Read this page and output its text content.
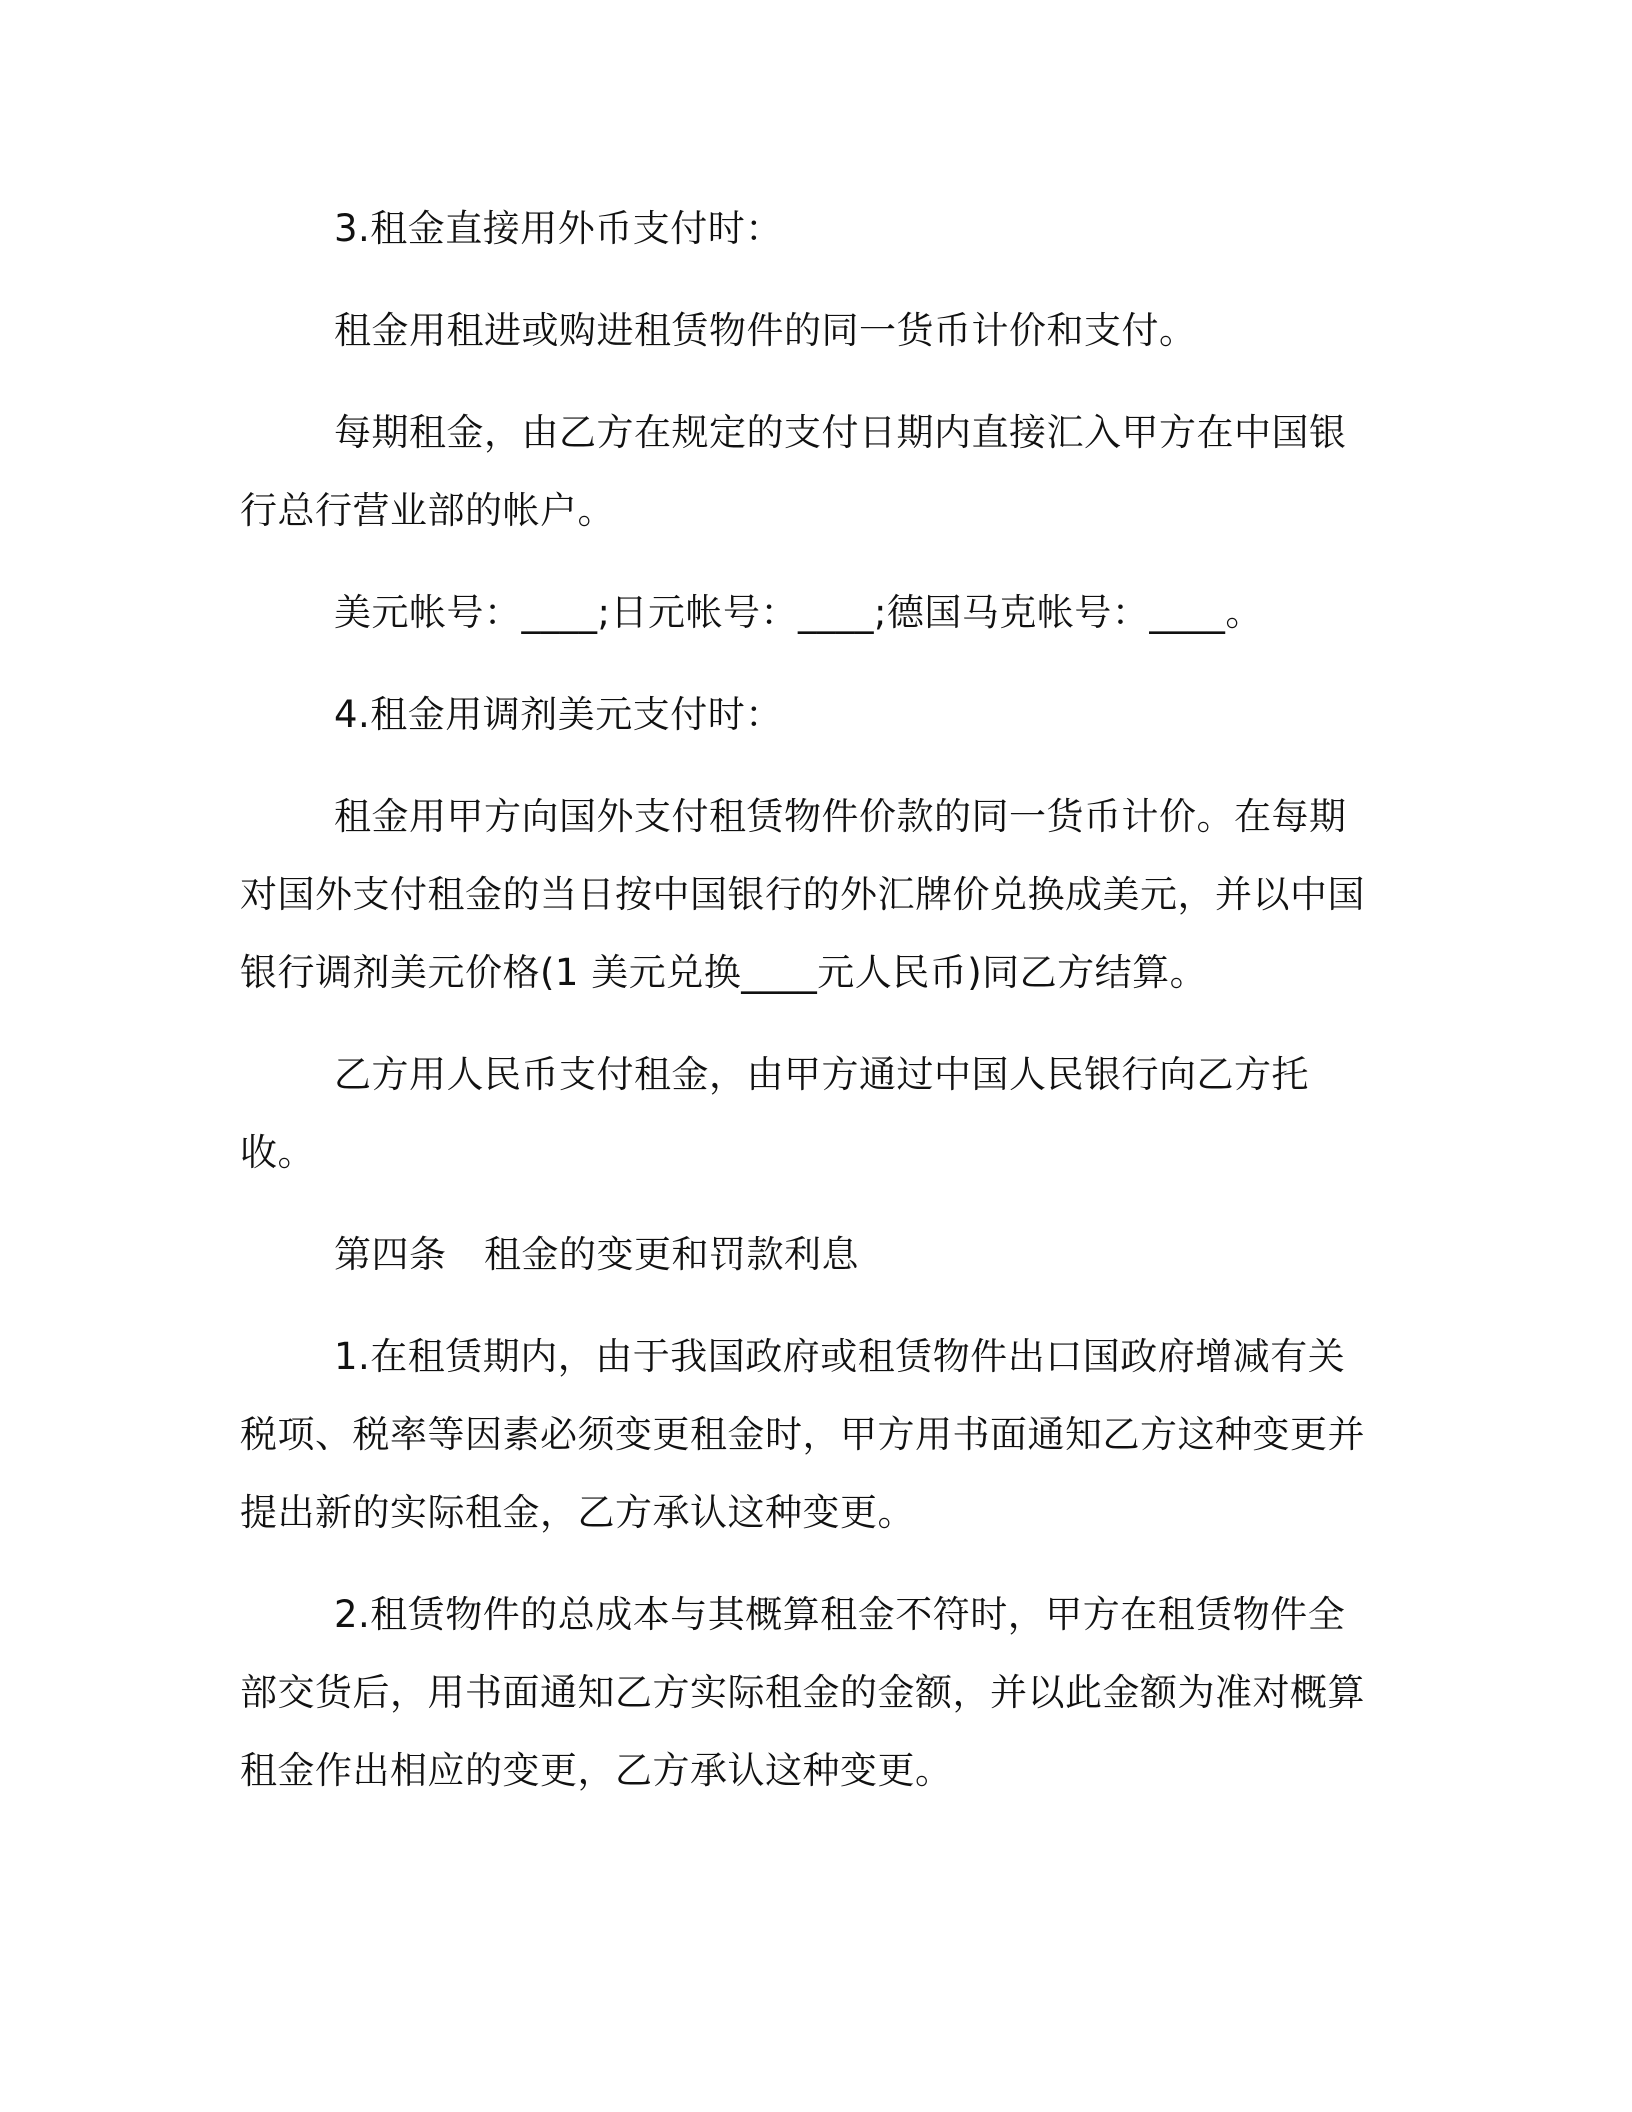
3.租金直接用外币支付时：

租金用租进或购进租赁物件的同一货币计价和支付。

每期租金，由乙方在规定的支付日期内直接汇入甲方在中国银行总行营业部的帐户。

美元帐号：____;日元帐号：____;德国马克帐号：____。

4.租金用调剂美元支付时：

租金用甲方向国外支付租赁物件价款的同一货币计价。在每期对国外支付租金的当日按中国银行的外汇牌价兑换成美元，并以中国银行调剂美元价格(1 美元兑换____元人民币)同乙方结算。

乙方用人民币支付租金，由甲方通过中国人民银行向乙方托收。

第四条　租金的变更和罚款利息

1.在租赁期内，由于我国政府或租赁物件出口国政府增减有关税项、税率等因素必须变更租金时，甲方用书面通知乙方这种变更并提出新的实际租金，乙方承认这种变更。

2.租赁物件的总成本与其概算租金不符时，甲方在租赁物件全部交货后，用书面通知乙方实际租金的金额，并以此金额为准对概算租金作出相应的变更，乙方承认这种变更。
